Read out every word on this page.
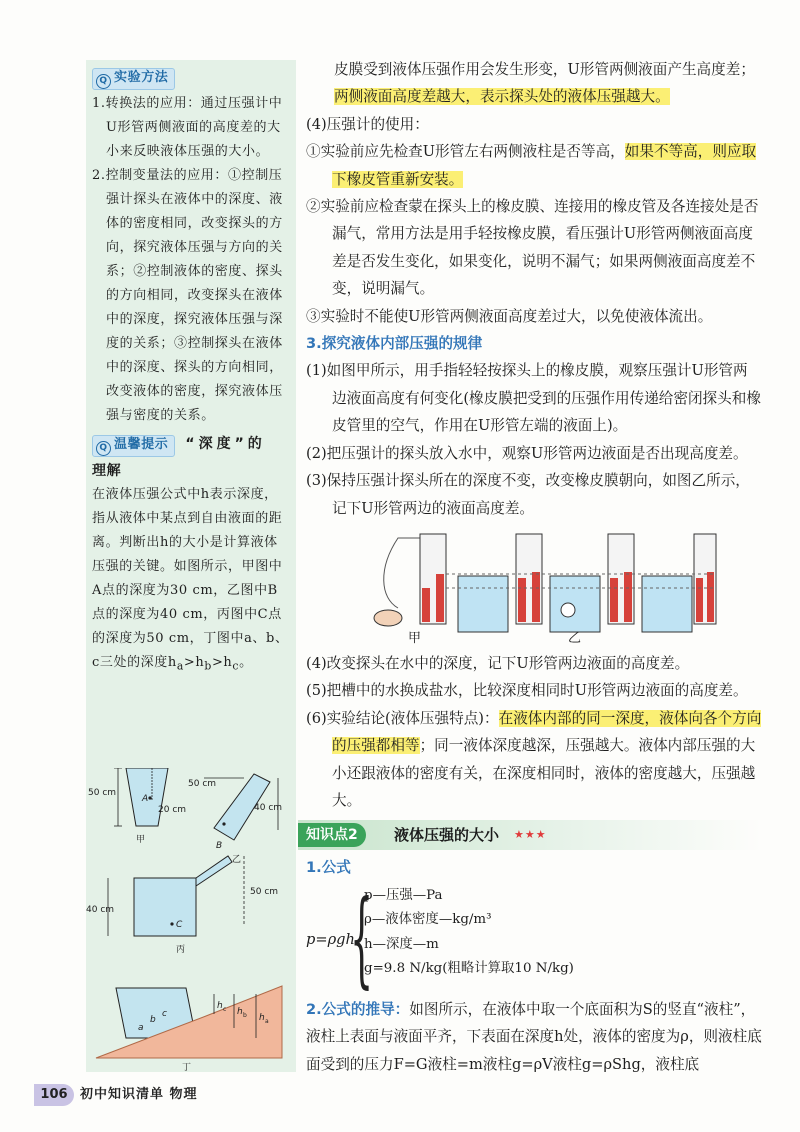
Q 实验方法

1.转换法的应用：通过压强计中U形管两侧液面的高度差的大小来反映液体压强的大小。

2.控制变量法的应用：①控制压强计探头在液体中的深度、液体的密度相同，改变探头的方向，探究液体压强与方向的关系；②控制液体的密度、探头的方向相同，改变探头在液体中的深度，探究液体压强与深度的关系；③控制探头在液体中的深度、探头的方向相同，改变液体的密度，探究液体压强与密度的关系。

Q 温馨提示 “深度”的
理解

在液体压强公式中h表示深度，指从液体中某点到自由液面的距离。判断出h的大小是计算液体压强的关键。如图所示，甲图中A点的深度为30 cm，乙图中B点的深度为40 cm，丙图中C点的深度为50 cm，丁图中a、b、c三处的深度$h_a>h_b>h_c$。

50 cm
20 cm
A
甲
50 cm
40 cm
B
乙
40 cm
50 cm
C
丙
h c h b h a
a
b
c
丁

皮膜受到液体压强作用会发生形变，U形管两侧液面产生高度差；两侧液面高度差越大，表示探头处的液体压强越大。

(4)压强计的使用：

①实验前应先检查U形管左右两侧液柱是否等高，如果不等高，则应取下橡皮管重新安装。

②实验前应检查蒙在探头上的橡皮膜、连接用的橡皮管及各连接处是否漏气，常用方法是用手轻按橡皮膜，看压强计U形管两侧液面高度差是否发生变化，如果变化，说明不漏气；如果两侧液面高度差不变，说明漏气。

③实验时不能使U形管两侧液面高度差过大，以免使液体流出。

3.探究液体内部压强的规律

(1)如图甲所示，用手指轻轻按探头上的橡皮膜，观察压强计U形管两边液面高度有何变化(橡皮膜把受到的压强作用传递给密闭探头和橡皮管里的空气，作用在U形管左端的液面上)。

(2)把压强计的探头放入水中，观察U形管两边液面是否出现高度差。

(3)保持压强计探头所在的深度不变，改变橡皮膜朝向，如图乙所示，记下U形管两边的液面高度差。

甲	乙

(4)改变探头在水中的深度，记下U形管两边液面的高度差。

(5)把槽中的水换成盐水，比较深度相同时U形管两边液面的高度差。

(6)实验结论(液体压强特点)：在液体内部的同一深度，液体向各个方向的压强都相等；同一液体深度越深，压强越大。液体内部压强的大小还跟液体的密度有关，在深度相同时，液体的密度越大，压强越大。

知识点2	液体压强的大小 ★★★

1.公式

p=ρgh
{
p—压强—Pa
ρ—液体密度—kg/m³
h—深度—m
g=9.8 N/kg(粗略计算取10 N/kg)

2.公式的推导：如图所示，在液体中取一个底面积为S的竖直“液柱”，液柱上表面与液面平齐，下表面在深度h处，液体的密度为ρ，则液柱底面受到的压力F=G液柱=m液柱g=ρV液柱g=ρShg，液柱底

106 初中知识清单 物理
